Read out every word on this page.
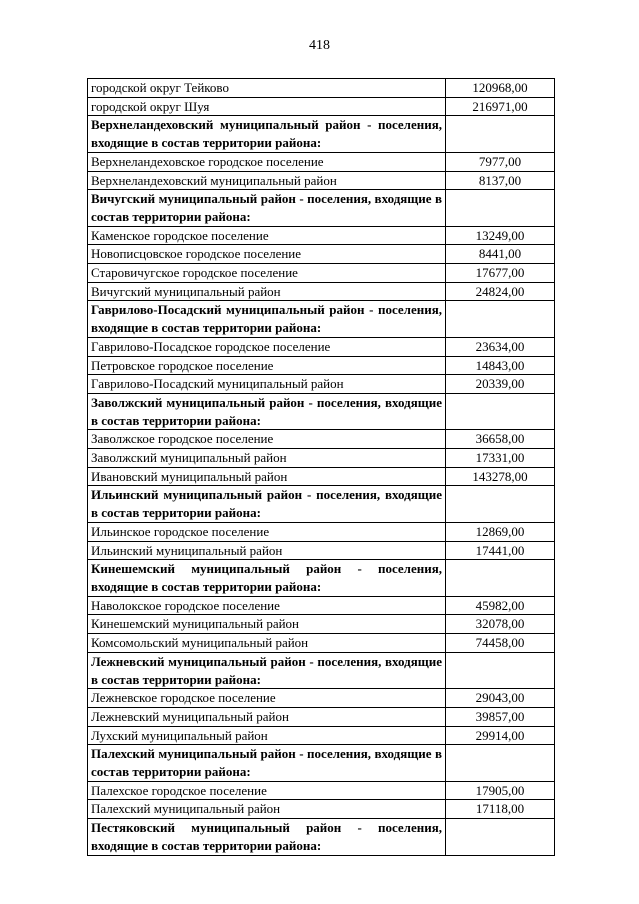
418
городской округ Тейково	120968,00
городской округ Шуя	216971,00
Верхнеландеховский муниципальный район - поселения, входящие в состав территории района:	
Верхнеландеховское городское поселение	7977,00
Верхнеландеховский муниципальный район	8137,00
Вичугский муниципальный район - поселения, входящие в состав территории района:	
Каменское городское поселение	13249,00
Новописцовское городское поселение	8441,00
Старовичугское городское поселение	17677,00
Вичугский муниципальный район	24824,00
Гаврилово-Посадский муниципальный район - поселения, входящие в состав территории района:	
Гаврилово-Посадское городское поселение	23634,00
Петровское городское поселение	14843,00
Гаврилово-Посадский муниципальный район	20339,00
Заволжский муниципальный район - поселения, входящие в состав территории района:	
Заволжское городское поселение	36658,00
Заволжский муниципальный район	17331,00
Ивановский муниципальный район	143278,00
Ильинский муниципальный район - поселения, входящие в состав территории района:	
Ильинское городское поселение	12869,00
Ильинский муниципальный район	17441,00
Кинешемский муниципальный район - поселения, входящие в состав территории района:	
Наволокское городское поселение	45982,00
Кинешемский муниципальный район	32078,00
Комсомольский муниципальный район	74458,00
Лежневский муниципальный район - поселения, входящие в состав территории района:	
Лежневское городское поселение	29043,00
Лежневский муниципальный район	39857,00
Лухский муниципальный район	29914,00
Палехский муниципальный район - поселения, входящие в состав территории района:	
Палехское городское поселение	17905,00
Палехский муниципальный район	17118,00
Пестяковский муниципальный район - поселения, входящие в состав территории района:	
